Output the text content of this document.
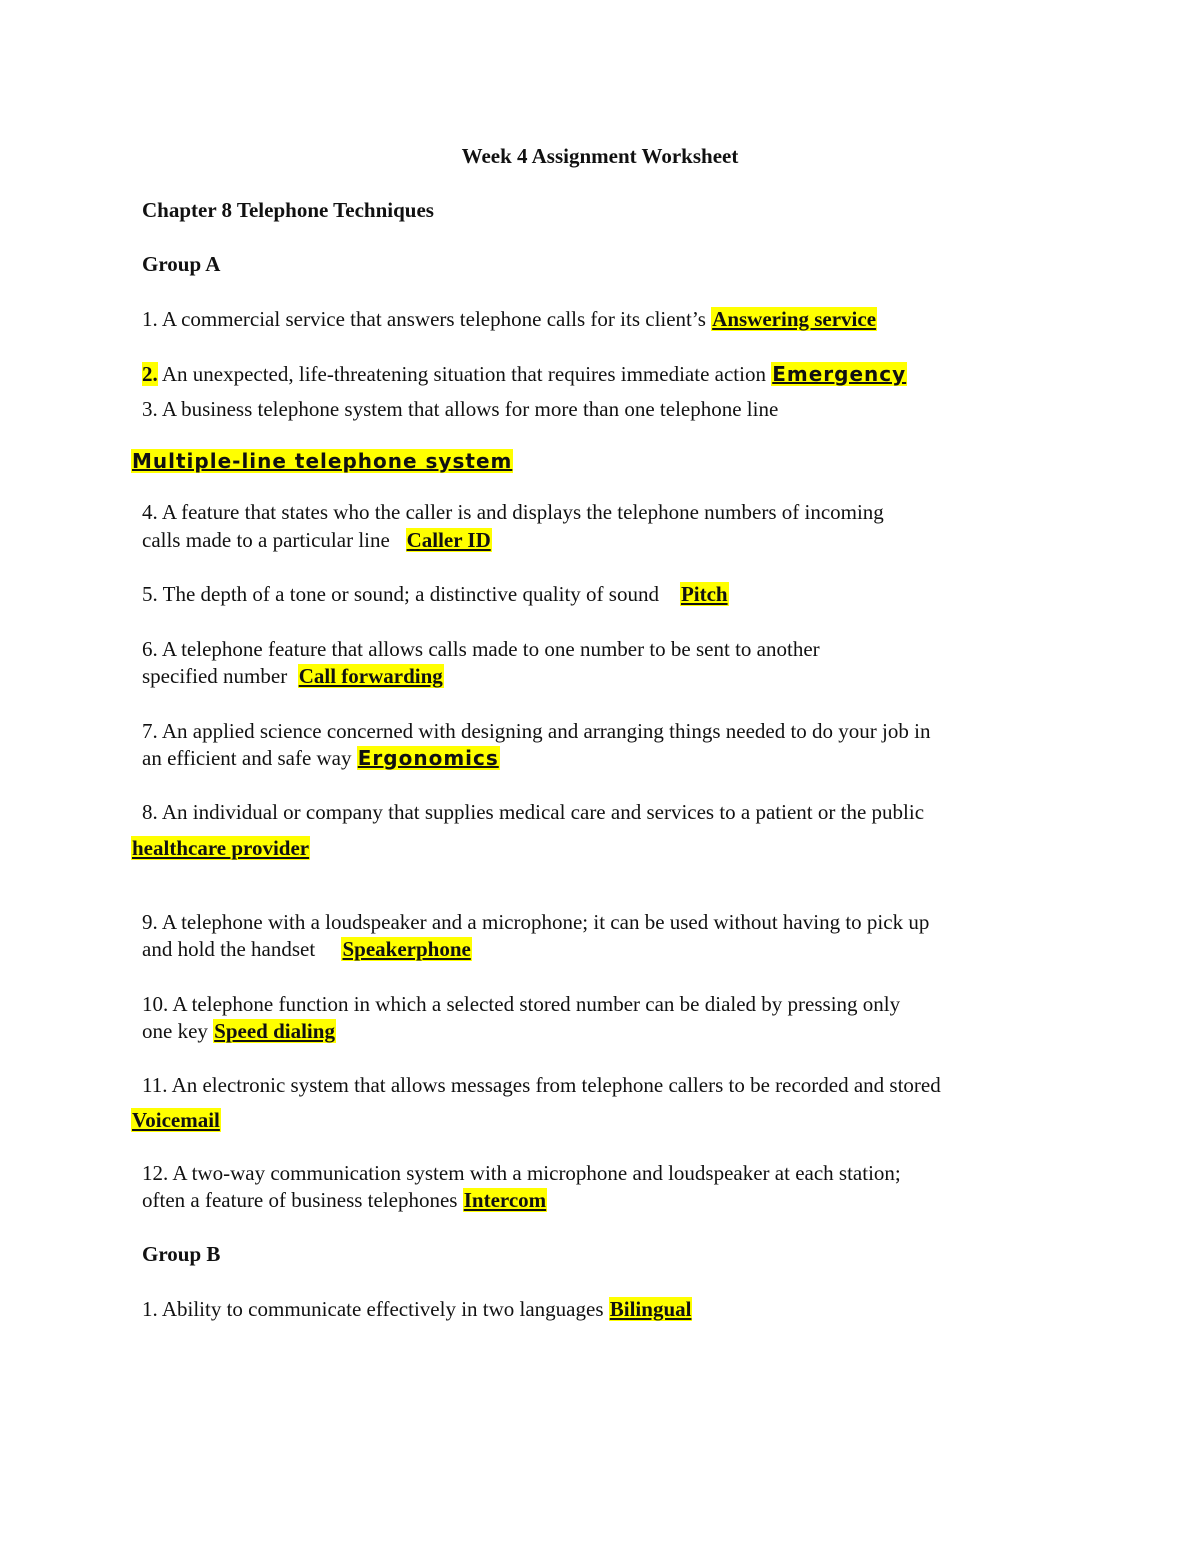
Week 4 Assignment Worksheet
Chapter 8 Telephone Techniques
Group A
1. A commercial service that answers telephone calls for its client’s Answering service
2. An unexpected, life-threatening situation that requires immediate action Emergency
3. A business telephone system that allows for more than one telephone line
Multiple-line telephone system
4. A feature that states who the caller is and displays the telephone numbers of incoming
calls made to a particular line   Caller ID
5. The depth of a tone or sound; a distinctive quality of sound    Pitch
6. A telephone feature that allows calls made to one number to be sent to another
specified number  Call forwarding
7. An applied science concerned with designing and arranging things needed to do your job in
an efficient and safe way Ergonomics
8. An individual or company that supplies medical care and services to a patient or the public
healthcare provider
9. A telephone with a loudspeaker and a microphone; it can be used without having to pick up
and hold the handset     Speakerphone
10. A telephone function in which a selected stored number can be dialed by pressing only
one key Speed dialing
11. An electronic system that allows messages from telephone callers to be recorded and stored
Voicemail
12. A two-way communication system with a microphone and loudspeaker at each station;
often a feature of business telephones Intercom
Group B
1. Ability to communicate effectively in two languages Bilingual
